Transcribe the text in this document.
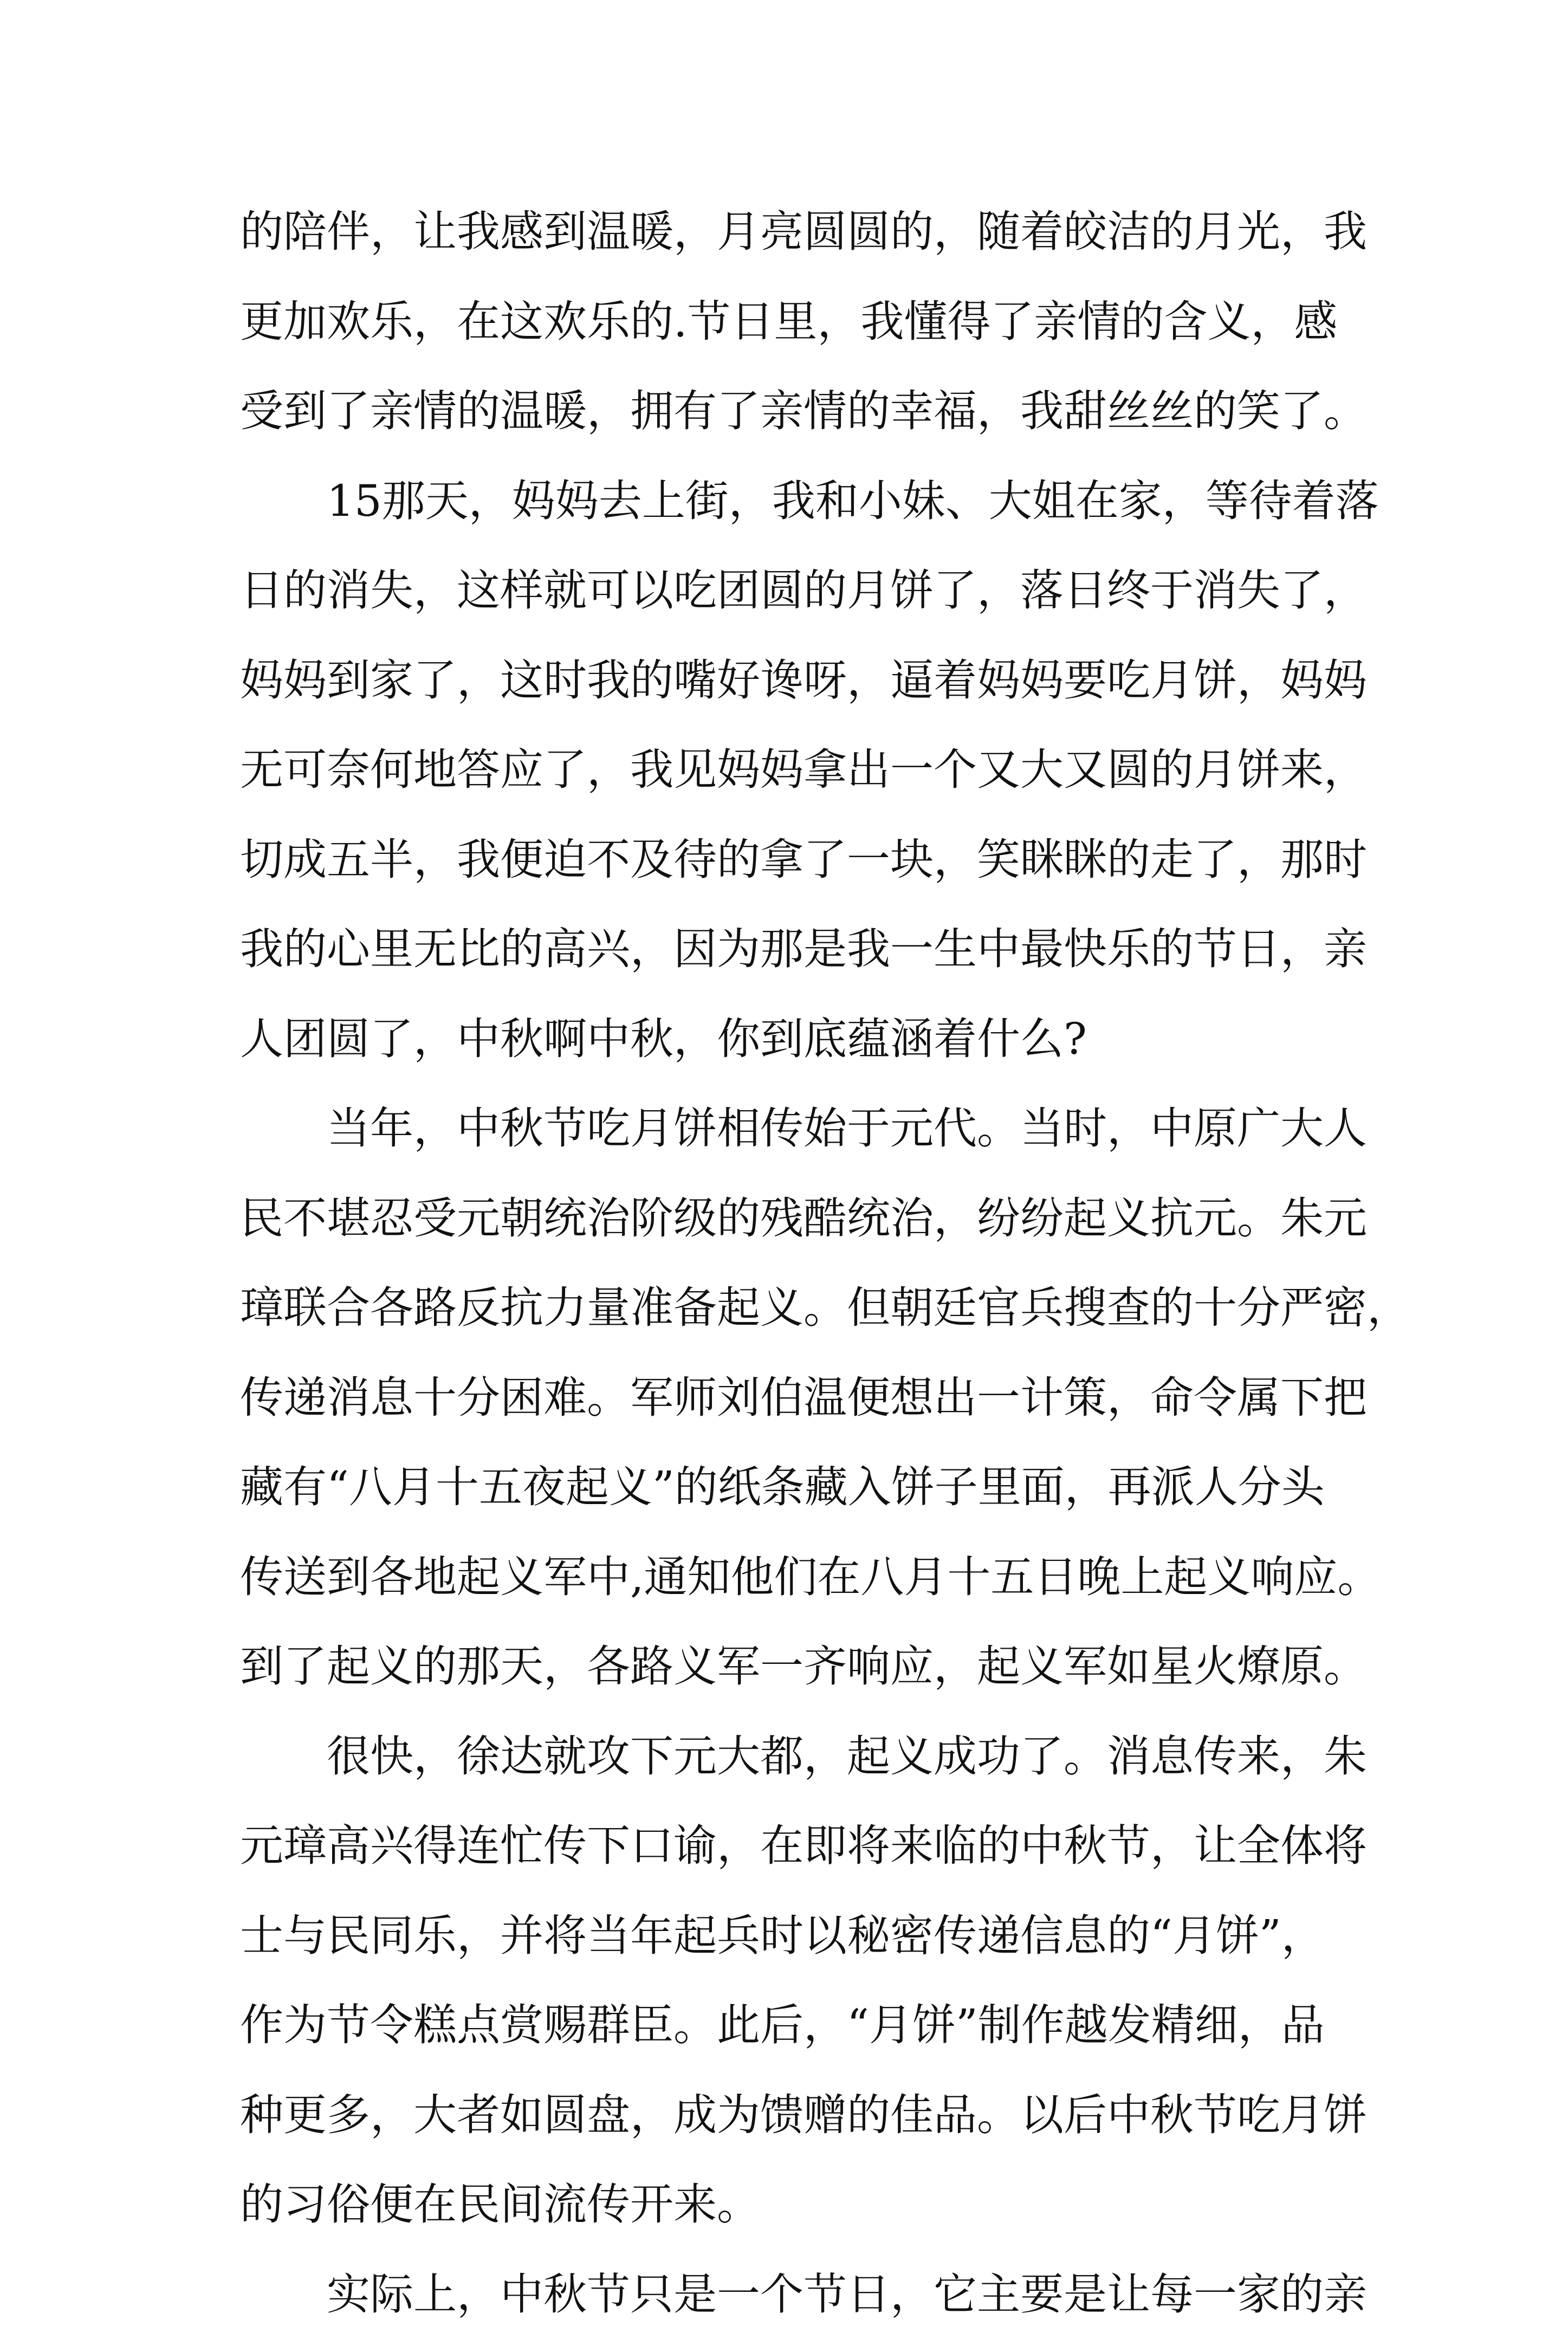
的陪伴，让我感到温暖，月亮圆圆的，随着皎洁的月光，我
更加欢乐，在这欢乐的.节日里，我懂得了亲情的含义，感
受到了亲情的温暖，拥有了亲情的幸福，我甜丝丝的笑了。

15那天，妈妈去上街，我和小妹、大姐在家，等待着落
日的消失，这样就可以吃团圆的月饼了，落日终于消失了，
妈妈到家了，这时我的嘴好谗呀，逼着妈妈要吃月饼，妈妈
无可奈何地答应了，我见妈妈拿出一个又大又圆的月饼来，
切成五半，我便迫不及待的拿了一块，笑眯眯的走了，那时
我的心里无比的高兴，因为那是我一生中最快乐的节日，亲
人团圆了，中秋啊中秋，你到底蕴涵着什么?

当年，中秋节吃月饼相传始于元代。当时，中原广大人
民不堪忍受元朝统治阶级的残酷统治，纷纷起义抗元。朱元
璋联合各路反抗力量准备起义。但朝廷官兵搜查的十分严密，
传递消息十分困难。军师刘伯温便想出一计策，命令属下把
藏有“八月十五夜起义”的纸条藏入饼子里面，再派人分头
传送到各地起义军中,通知他们在八月十五日晚上起义响应。
到了起义的那天，各路义军一齐响应，起义军如星火燎原。

很快，徐达就攻下元大都，起义成功了。消息传来，朱
元璋高兴得连忙传下口谕，在即将来临的中秋节，让全体将
士与民同乐，并将当年起兵时以秘密传递信息的“月饼”，
作为节令糕点赏赐群臣。此后，“月饼”制作越发精细，品
种更多，大者如圆盘，成为馈赠的佳品。以后中秋节吃月饼
的习俗便在民间流传开来。

实际上，中秋节只是一个节日，它主要是让每一家的亲
